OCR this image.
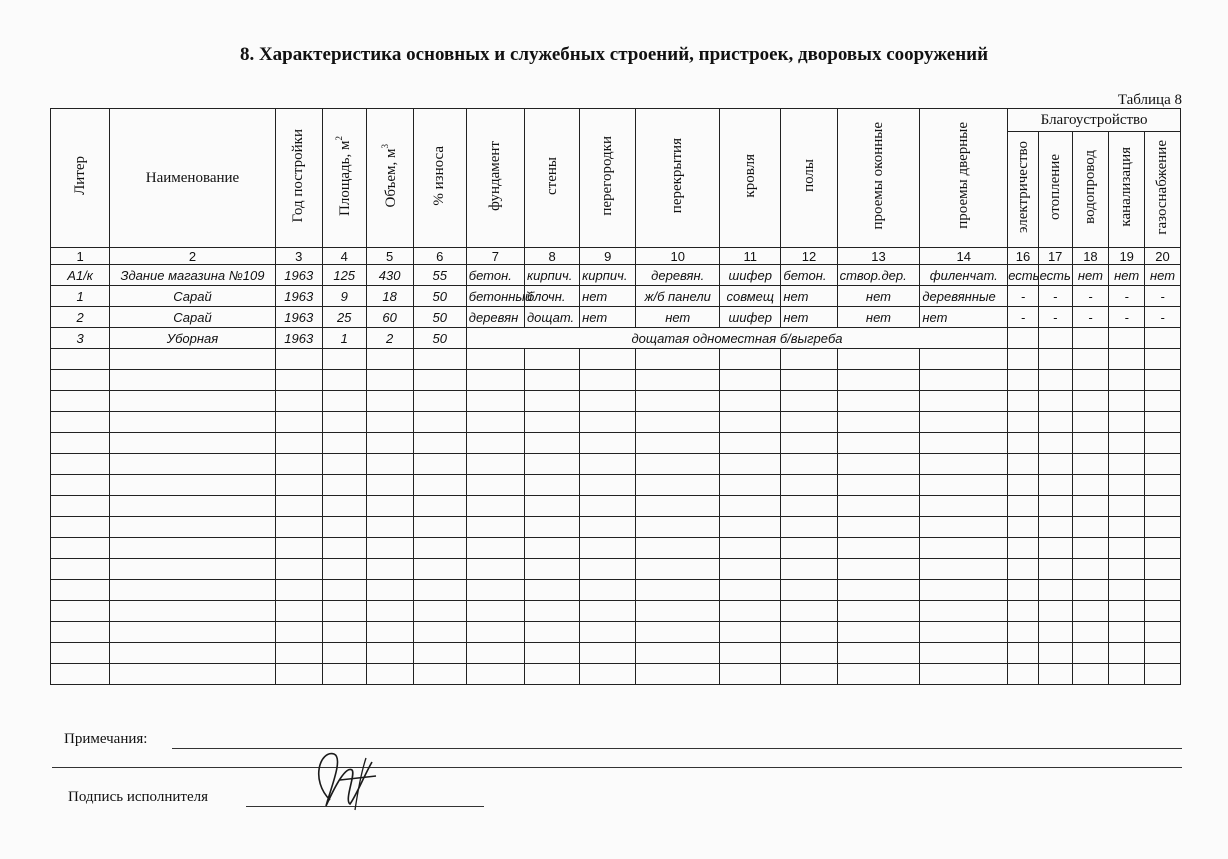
8. Характеристика основных и служебных строений, пристроек, дворовых сооружений
Таблица 8
Литер	Наименование	Год постройки	Площадь, $м^2$	Объем, $м^3$	% износа	фундамент	стены	перегородки	перекрытия	кровля	полы	проемы оконные	проемы дверные	Благоустройство				
														электричество	отопление	водопровод	канализация	газоснабжение
1	2	3	4	5	6	7	8	9	10	11	12	13	14	16	17	18	19	20
А1/к	Здание магазина №109	1963	125	430	55	бетон.	кирпич.	кирпич.	деревян.	шифер	бетон.	створ.дер.	филенчат.	есть	есть	нет	нет	нет
1	Сарай	1963	9	18	50	бетонный	блочн.	нет	ж/б панели	совмещ	нет	нет	деревянные	-	-	-	-	-
2	Сарай	1963	25	60	50	деревян	дощат.	нет	нет	шифер	нет	нет	нет	-	-	-	-	-
3	Уборная	1963	1	2	50	дощатая одноместная б/выгреба												

Примечания:
Подпись исполнителя
